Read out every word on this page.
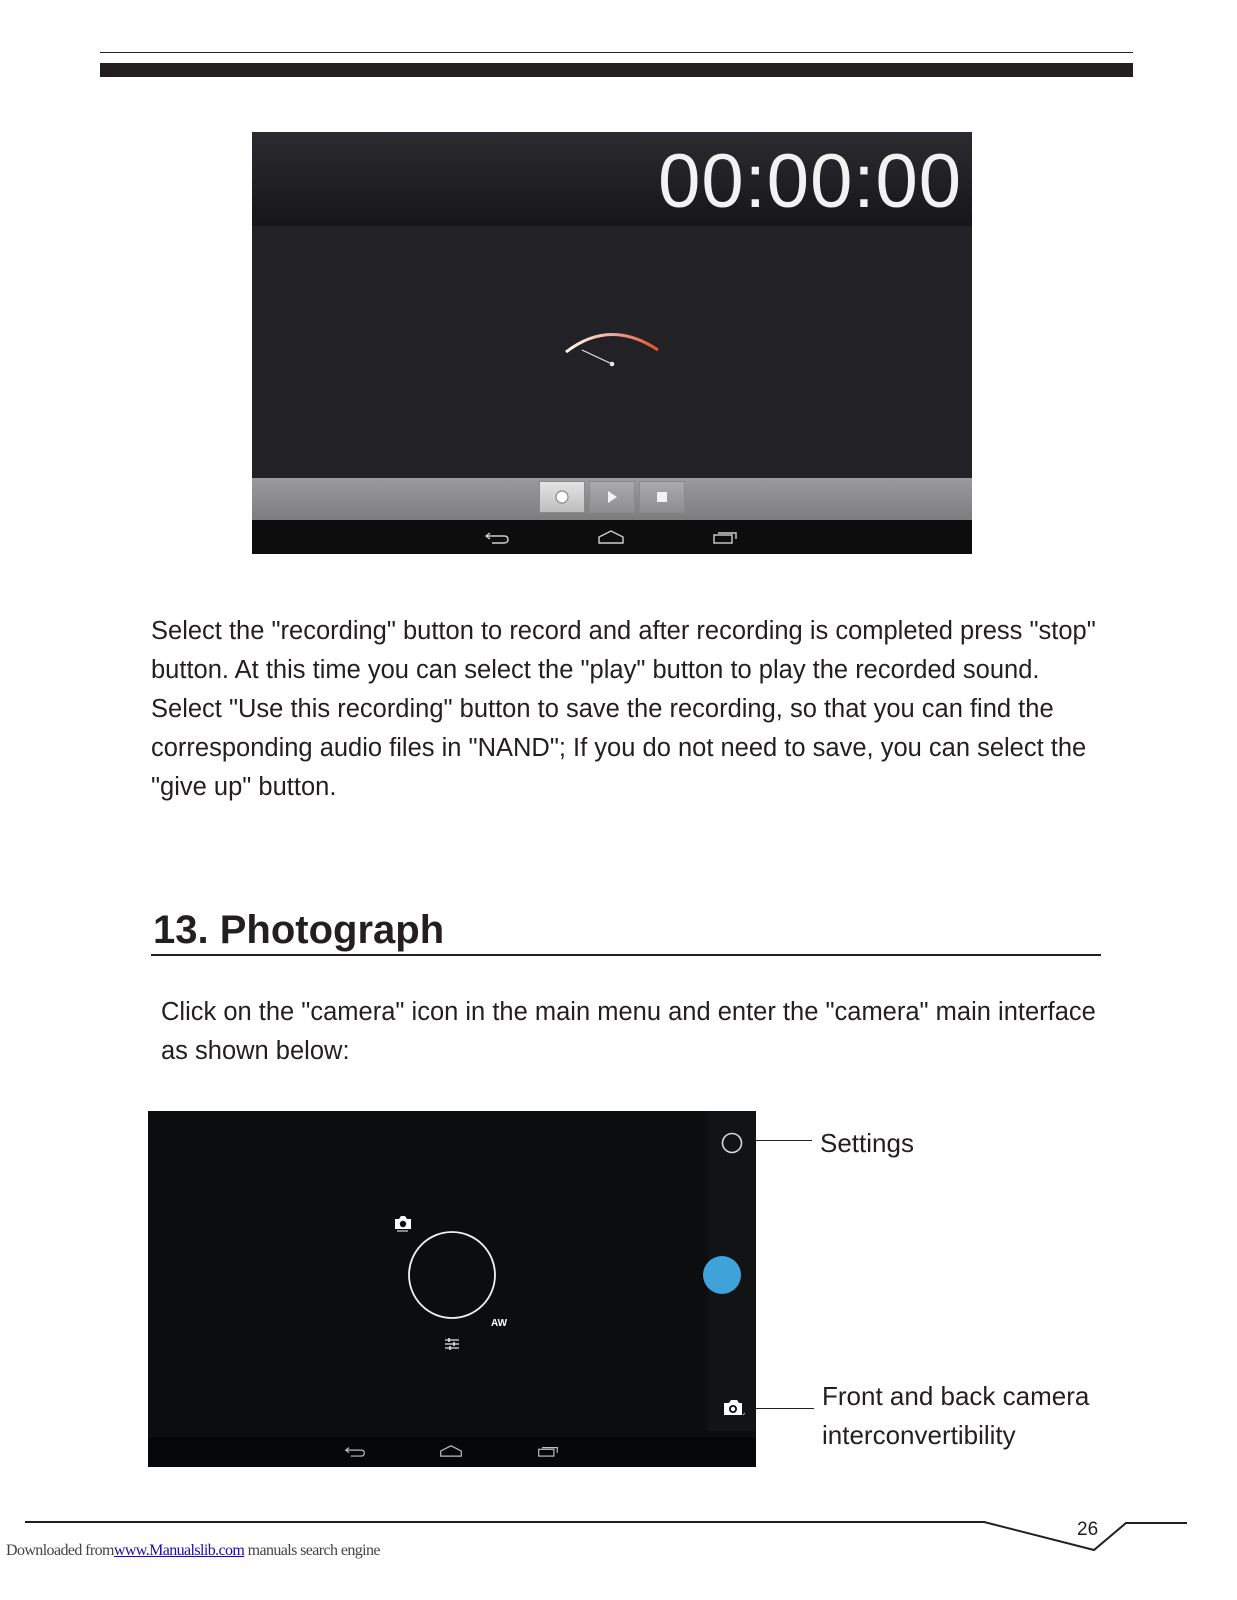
00:00:00
Select the "recording" button to record and after recording is completed press "stop" button. At this time you can select the "play" button to play the recorded sound. Select "Use this recording" button to save the recording, so that you can find the corresponding audio files in "NAND"; If you do not need to save, you can select the "give up" button.
13. Photograph
Click on the "camera" icon in the main menu and enter the "camera" main interface as shown below:
AW
Settings
Front and back camera
interconvertibility
26
Downloaded fromwww.Manualslib.com manuals search engine
